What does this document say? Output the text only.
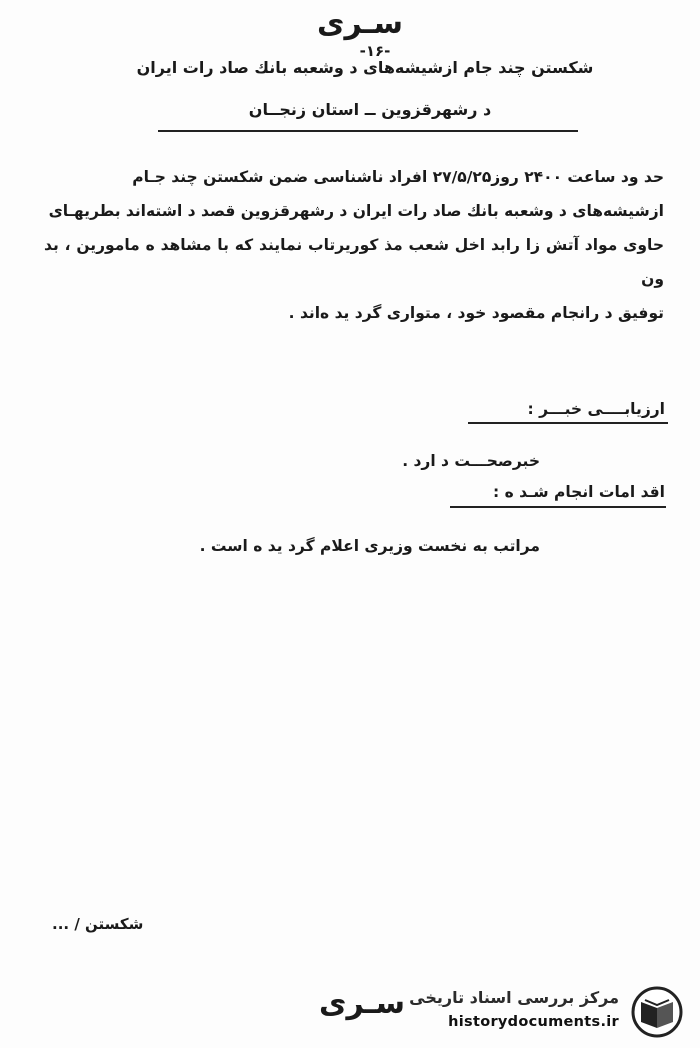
سـرى
-۱۶-
شكستن چند جام ازشيشه‌هاى د وشعبه بانك صاد رات ايران
د رشهرقزوين ــ استان زنجــان

حد ود ساعت ۲۴۰۰ روز۲۷/۵/۲۵ افراد ناشناسى ضمن شكستن چند جـام

ازشيشه‌هاى د وشعبه بانك صاد رات ايران د رشهرقزوين قصد د اشته‌اند بطريهـاى

حاوى مواد آتش زا رابد اخل شعب مذ كوريرتاب نمايند كه با مشاهد ه مامورين ، بد ون

توفيق د رانجام مقصود خود ، متوارى گرد يد ه‌اند .

ارزيابــــى خبـــر :
خبرصحـــت د ارد .
اقد امات انجام شـد ه :
مراتب به نخست وزيرى اعلام گرد يد ه است .
شكستن / ...
سـرى مرکز بررسی اسناد تاریخی
historydocuments.ir
